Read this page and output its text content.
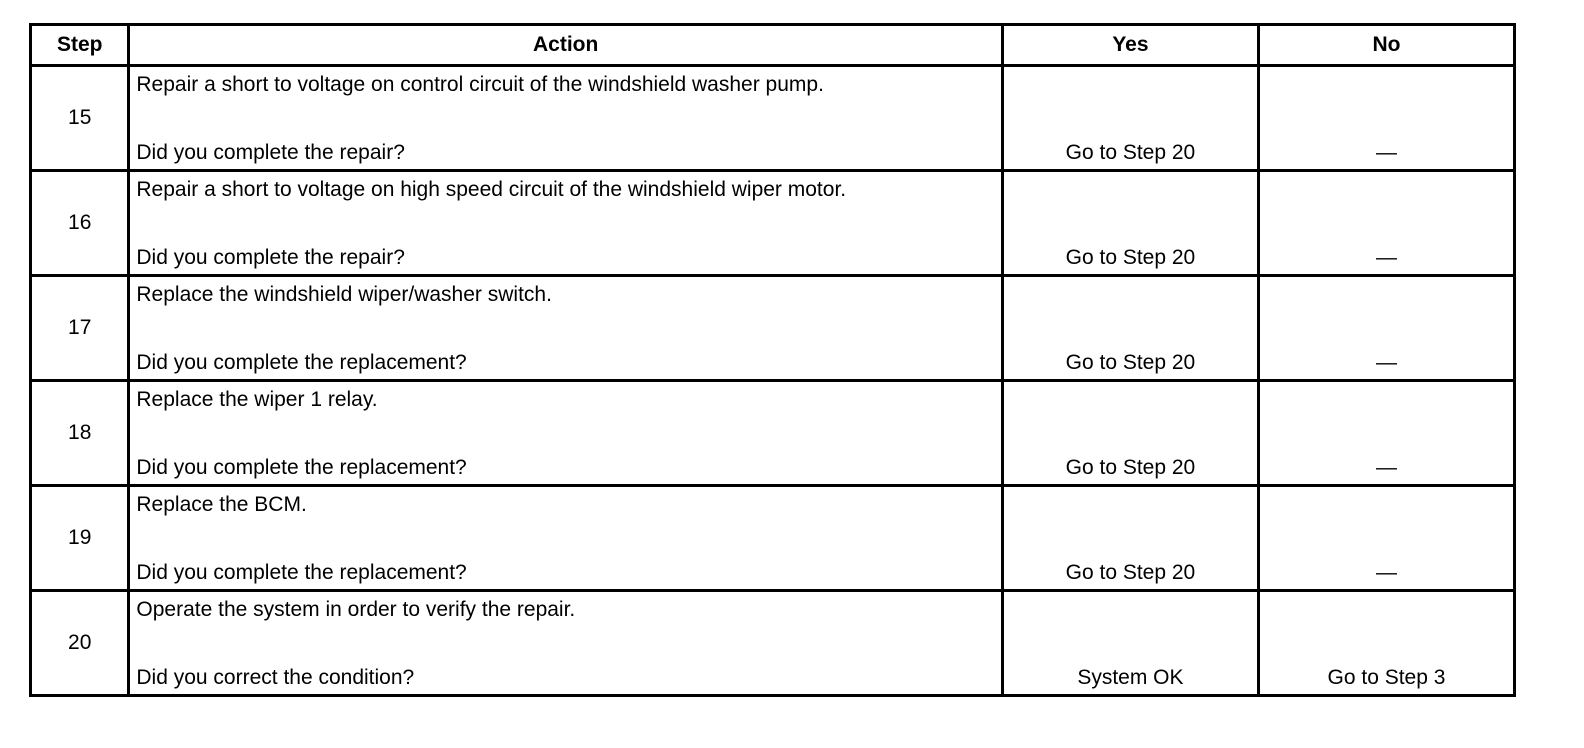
Step	Action	Yes	No
15	Repair a short to voltage on control circuit of the windshield washer pump.
Did you complete the repair?	Go to Step 20	—

16	Repair a short to voltage on high speed circuit of the windshield wiper motor.
Did you complete the repair?	Go to Step 20	—

17	Replace the windshield wiper/washer switch.
Did you complete the replacement?	Go to Step 20	—

18	Replace the wiper 1 relay.
Did you complete the replacement?	Go to Step 20	—

19	Replace the BCM.
Did you complete the replacement?	Go to Step 20	—

20	Operate the system in order to verify the repair.
Did you correct the condition?	System OK	Go to Step 3
